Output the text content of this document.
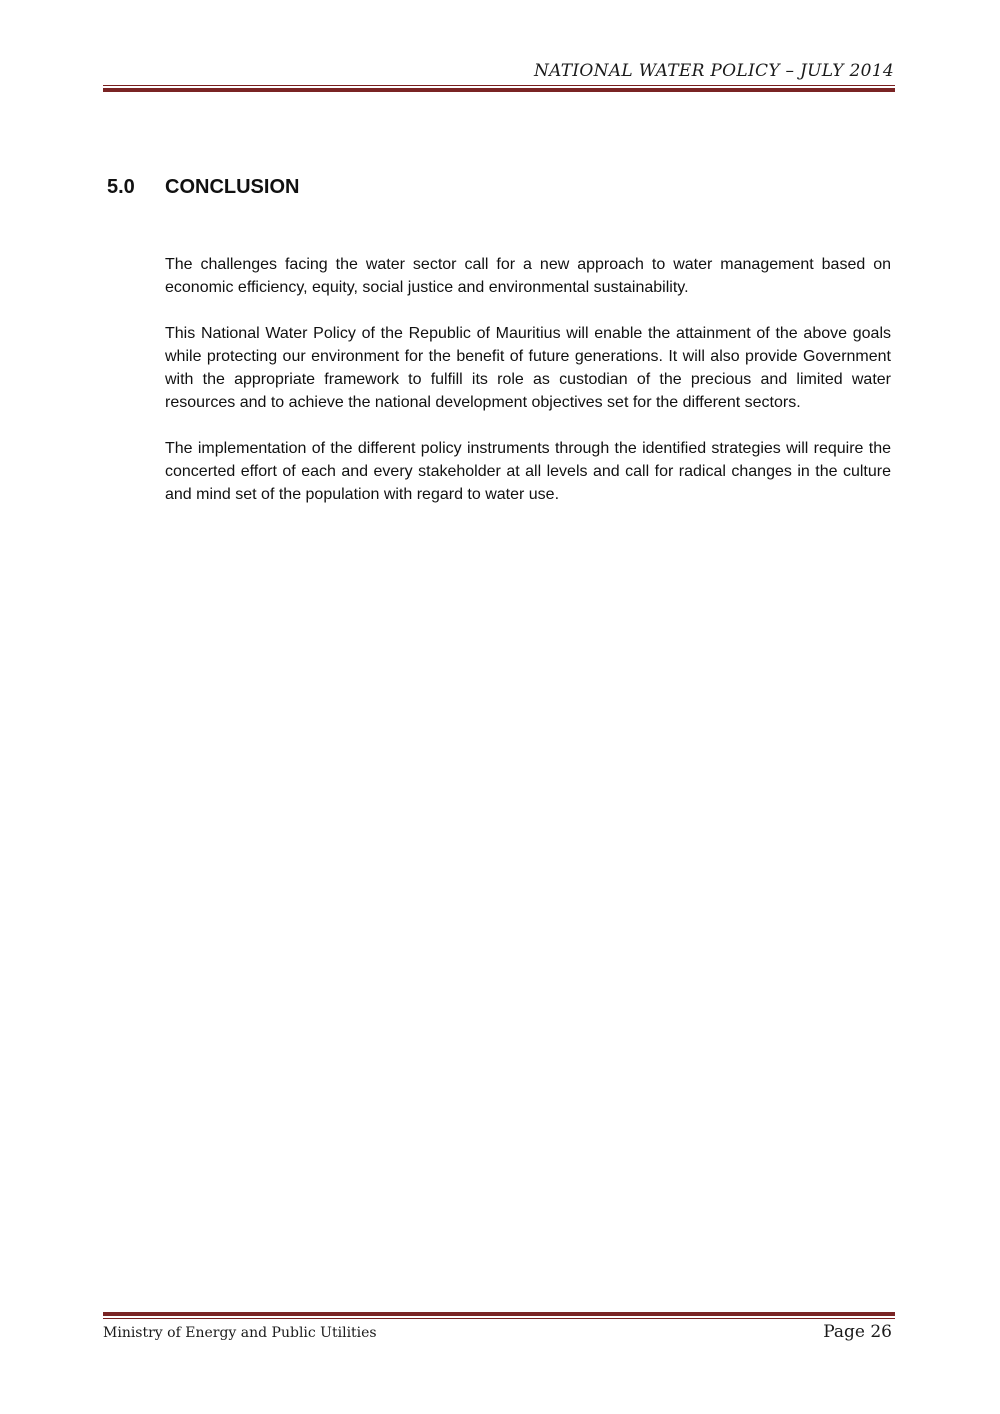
NATIONAL WATER POLICY – JULY 2014
5.0	CONCLUSION

The challenges facing the water sector call for a new approach to water management based on economic efficiency, equity, social justice and environmental sustainability.

This National Water Policy of the Republic of Mauritius will enable the attainment of the above goals while protecting our environment for the benefit of future generations. It will also provide Government with the appropriate framework to fulfill its role as custodian of the precious and limited water resources and to achieve the national development objectives set for the different sectors.

The implementation of the different policy instruments through the identified strategies will require the concerted effort of each and every stakeholder at all levels and call for radical changes in the culture and mind set of the population with regard to water use.

Ministry of Energy and Public Utilities	Page 26
